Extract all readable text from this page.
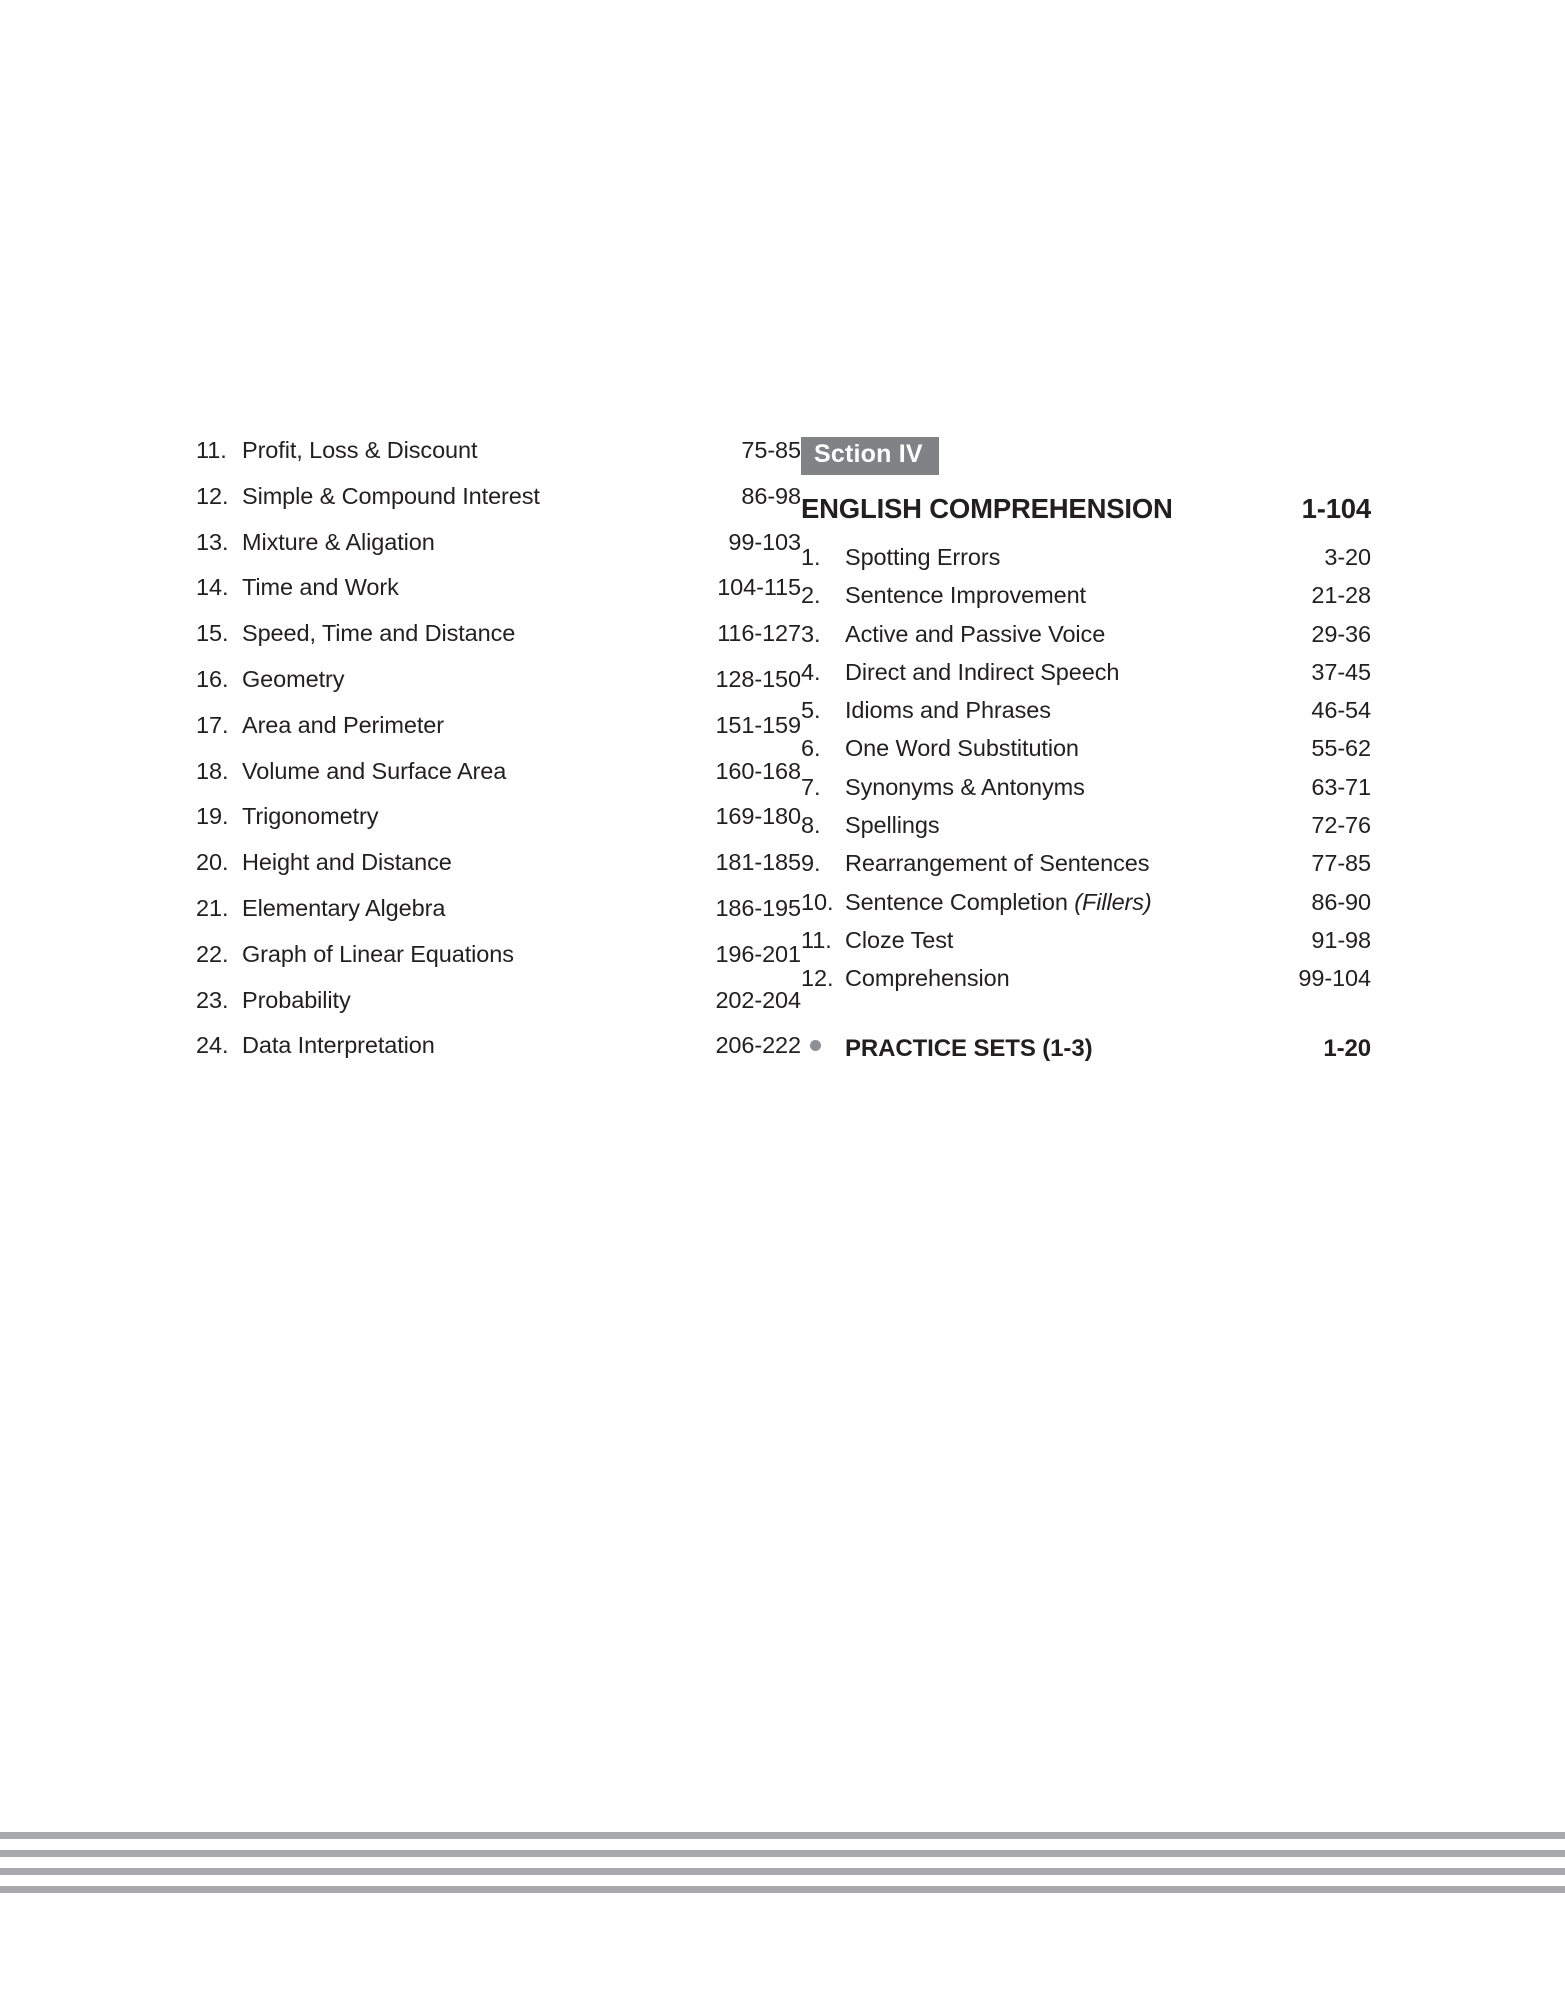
11. Profit, Loss & Discount	75-85
12. Simple & Compound Interest	86-98
13. Mixture & Aligation	99-103
14. Time and Work	104-115
15. Speed, Time and Distance	116-127
16. Geometry	128-150
17. Area and Perimeter	151-159
18. Volume and Surface Area	160-168
19. Trigonometry	169-180
20. Height and Distance	181-185
21. Elementary Algebra	186-195
22. Graph of Linear Equations	196-201
23. Probability	202-204
24. Data Interpretation	206-222
Sction IV
ENGLISH COMPREHENSION	1-104
1.	Spotting Errors	3-20
2.	Sentence Improvement	21-28
3.	Active and Passive Voice	29-36
4.	Direct and Indirect Speech	37-45
5.	Idioms and Phrases	46-54
6.	One Word Substitution	55-62
7.	Synonyms & Antonyms	63-71
8.	Spellings	72-76
9.	Rearrangement of Sentences	77-85
10. Sentence Completion (Fillers)	86-90
11. Cloze Test	91-98
12. Comprehension	99-104
PRACTICE SETS (1-3)	1-20
